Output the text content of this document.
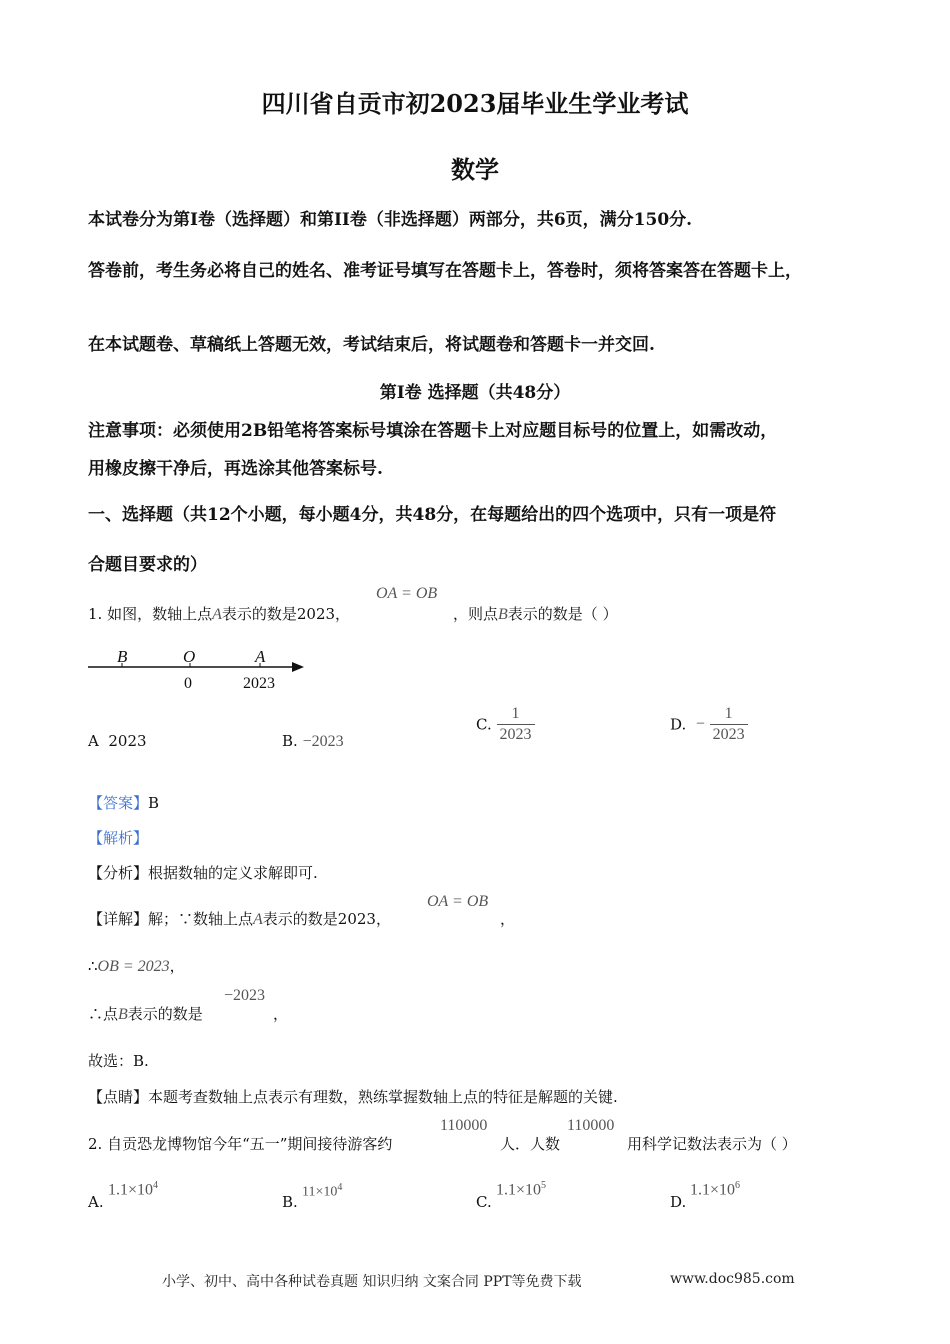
四川省自贡市初2023届毕业生学业考试
数学
本试卷分为第I卷（选择题）和第II卷（非选择题）两部分，共6页，满分150分.
答卷前，考生务必将自己的姓名、准考证号填写在答题卡上，答卷时，须将答案答在答题卡上，
在本试题卷、草稿纸上答题无效，考试结束后，将试题卷和答题卡一并交回.
第I卷 选择题（共48分）
注意事项：必须使用2B铅笔将答案标号填涂在答题卡上对应题目标号的位置上，如需改动，
用橡皮擦干净后，再选涂其他答案标号.
一、选择题（共12个小题，每小题4分，共48分，在每题给出的四个选项中，只有一项是符
合题目要求的）
1. 如图，数轴上点A表示的数是2023，
OA = OB
，则点B表示的数是（ ）
B	O	A
0	2023
A 2023	B. −2023
C. $\frac{1}{2023}$	D. − $\frac{1}{2023}$
【答案】B
【解析】
【分析】根据数轴的定义求解即可.
【详解】解；∵数轴上点A表示的数是2023，
OA = OB
，
∴OB = 2023，
∴点B表示的数是
−2023
，
故选：B.
【点睛】本题考查数轴上点表示有理数，熟练掌握数轴上点的特征是解题的关键.
2. 自贡恐龙博物馆今年“五一”期间接待游客约
110000
人．人数
110000
用科学记数法表示为（ ）
A.
$1.1\times 10^4$
B.
$11\times 10^4$
C.
$1.1\times 10^5$
D.
$1.1\times 10^6$
小学、初中、高中各种试卷真题 知识归纳 文案合同 PPT等免费下载	www.doc985.com
